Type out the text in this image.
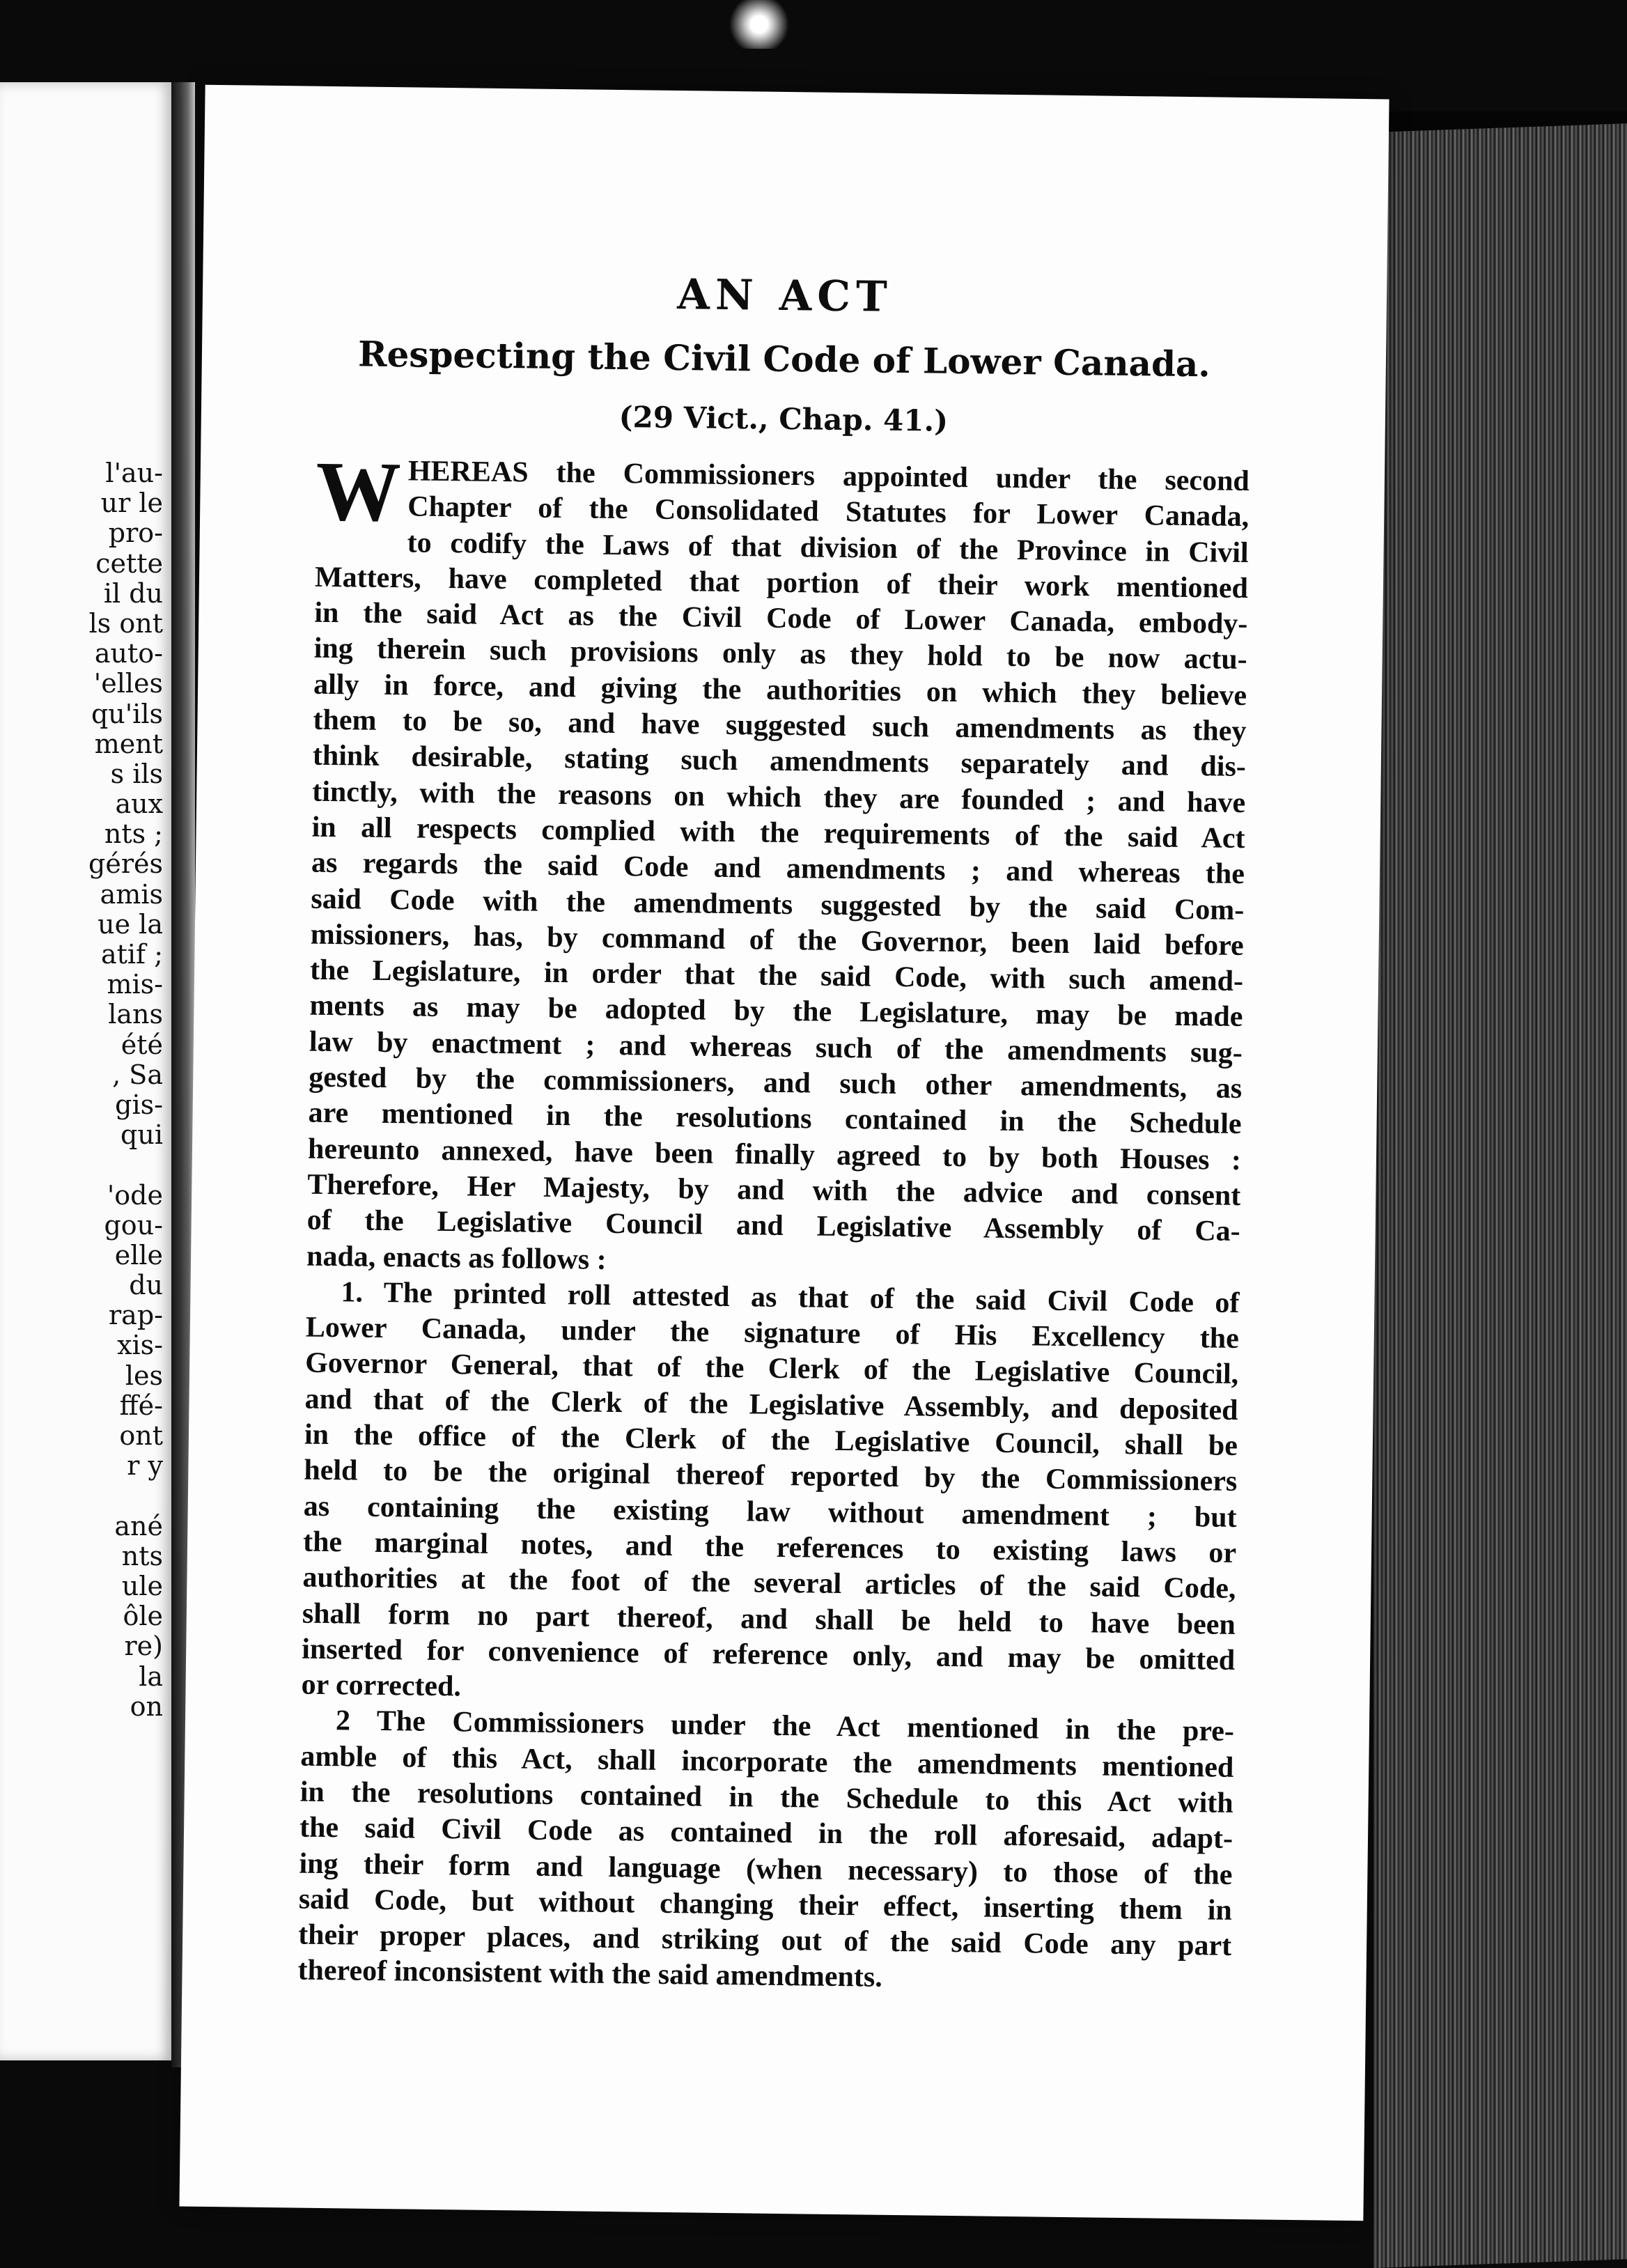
l'au-
ur le
pro-
cette
il du
ls ont
auto-
'elles
qu'ils
ment
s ils
aux
nts ;
gérés
amis
ue la
atif ;
mis-
lans
été
, Sa
gis-
qui
'ode
gou-
elle
du
rap-
xis-
les
ffé-
ont
r y
ané
nts
ule
ôle
re)
la
on
AN ACT
Respecting the Civil Code of Lower Canada.
(29 Vict., Chap. 41.)
W HEREAS the Commissioners appointed under the second
Chapter of the Consolidated Statutes for Lower Canada,
to codify the Laws of that division of the Province in Civil
Matters, have completed that portion of their work mentioned
in the said Act as the Civil Code of Lower Canada, embody-
ing therein such provisions only as they hold to be now actu-
ally in force, and giving the authorities on which they believe
them to be so, and have suggested such amendments as they
think desirable, stating such amendments separately and dis-
tinctly, with the reasons on which they are founded ; and have
in all respects complied with the requirements of the said Act
as regards the said Code and amendments ; and whereas the
said Code with the amendments suggested by the said Com-
missioners, has, by command of the Governor, been laid before
the Legislature, in order that the said Code, with such amend-
ments as may be adopted by the Legislature, may be made
law by enactment ; and whereas such of the amendments sug-
gested by the commissioners, and such other amendments, as
are mentioned in the resolutions contained in the Schedule
hereunto annexed, have been finally agreed to by both Houses :
Therefore, Her Majesty, by and with the advice and consent
of the Legislative Council and Legislative Assembly of Ca-
nada, enacts as follows :
1. The printed roll attested as that of the said Civil Code of
Lower Canada, under the signature of His Excellency the
Governor General, that of the Clerk of the Legislative Council,
and that of the Clerk of the Legislative Assembly, and deposited
in the office of the Clerk of the Legislative Council, shall be
held to be the original thereof reported by the Commissioners
as containing the existing law without amendment ; but
the marginal notes, and the references to existing laws or
authorities at the foot of the several articles of the said Code,
shall form no part thereof, and shall be held to have been
inserted for convenience of reference only, and may be omitted
or corrected.
2 The Commissioners under the Act mentioned in the pre-
amble of this Act, shall incorporate the amendments mentioned
in the resolutions contained in the Schedule to this Act with
the said Civil Code as contained in the roll aforesaid, adapt-
ing their form and language (when necessary) to those of the
said Code, but without changing their effect, inserting them in
their proper places, and striking out of the said Code any part
thereof inconsistent with the said amendments.
